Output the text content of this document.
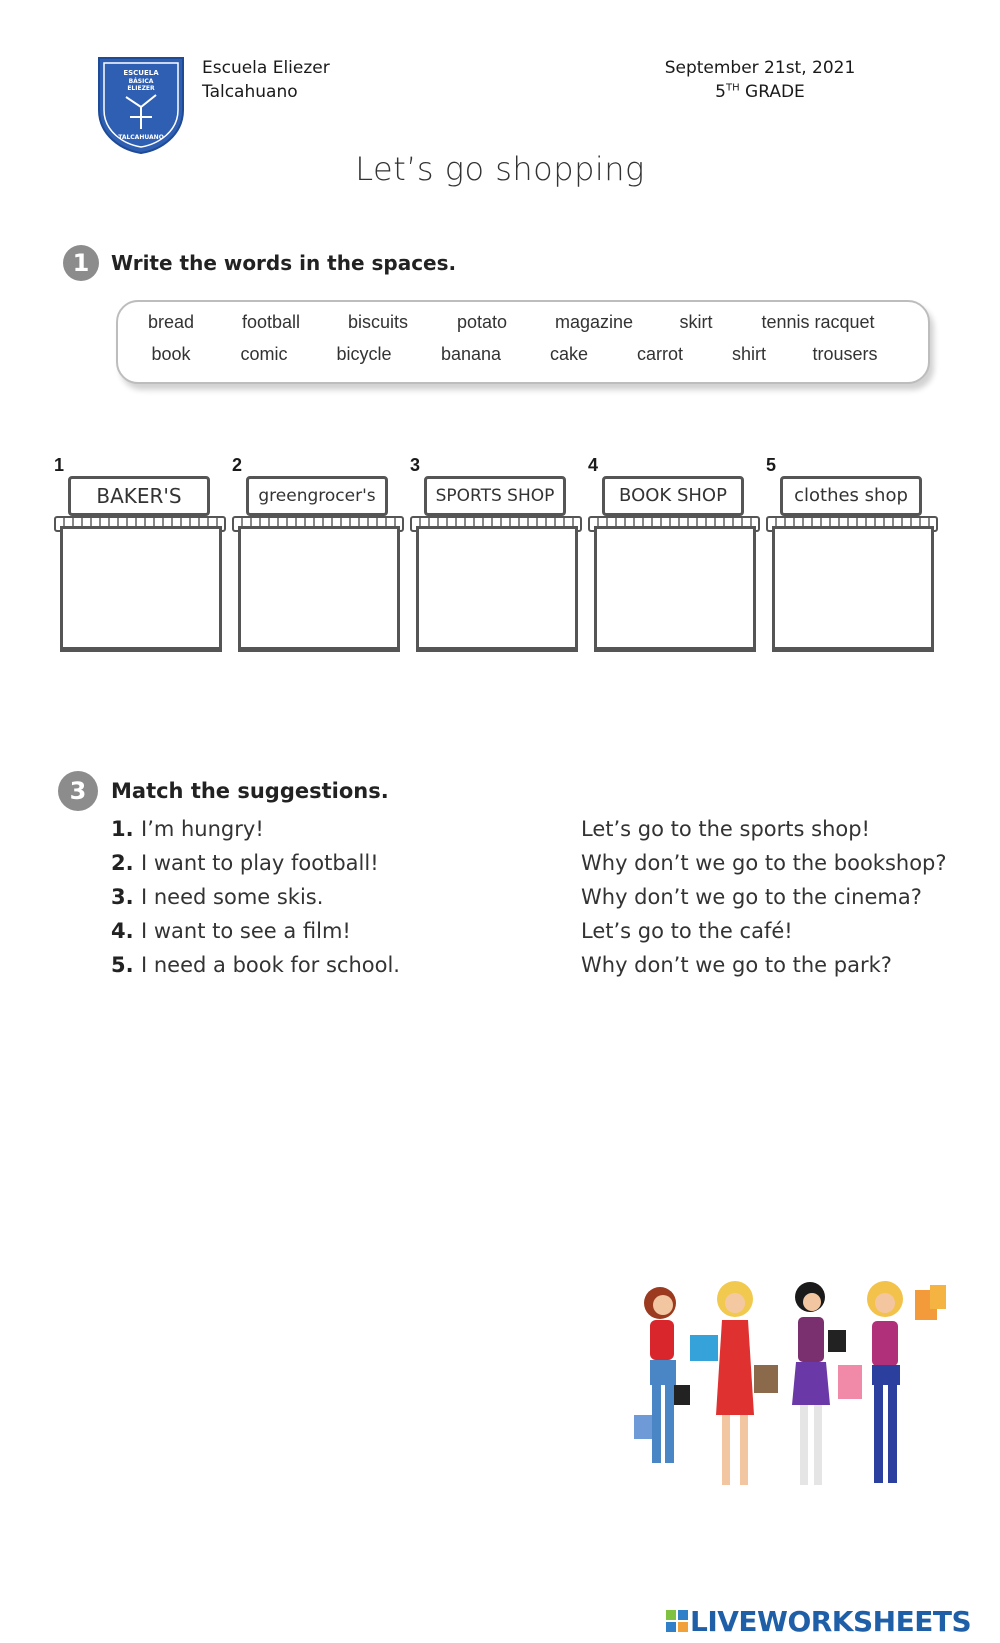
ESCUELA
BÁSICA
ELIEZER
TALCAHUANO
Escuela Eliezer
Talcahuano
September 21st, 2021
5TH GRADE
Let’s go shopping
1	Write the words in the spaces.
bread	football	biscuits	potato	magazine	skirt	tennis racquet
book	comic	bicycle	banana	cake	carrot	shirt	trousers
1	2	3	4	5
BAKER'S	greengrocer's	SPORTS SHOP	BOOK SHOP	clothes shop
3	Match the suggestions.
1. I’m hungry!
2. I want to play football!
3. I need some skis.
4. I want to see a film!
5. I need a book for school.
Let’s go to the sports shop!
Why don’t we go to the bookshop?
Why don’t we go to the cinema?
Let’s go to the café!
Why don’t we go to the park?
LIVEWORKSHEETS
